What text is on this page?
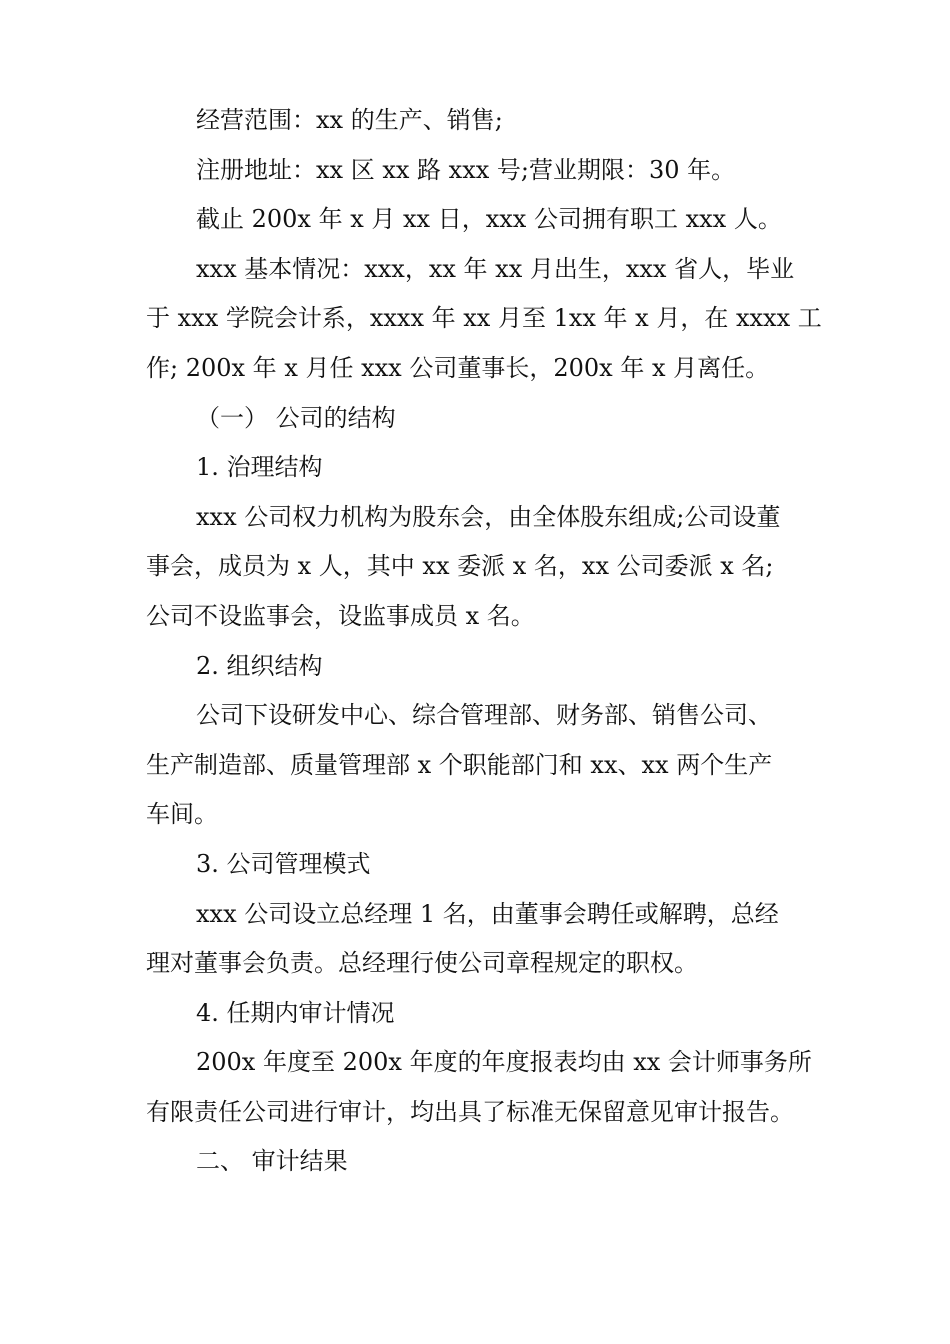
经营范围：xx 的生产、销售;

注册地址：xx 区 xx 路 xxx 号;营业期限：30 年。

截止 200x 年 x 月 xx 日，xxx 公司拥有职工 xxx 人。

xxx 基本情况：xxx，xx 年 xx 月出生，xxx 省人，毕业

于 xxx 学院会计系，xxxx 年 xx 月至 1xx 年 x 月，在 xxxx 工

作; 200x 年 x 月任 xxx 公司董事长，200x 年 x 月离任。

（一） 公司的结构

1. 治理结构

xxx 公司权力机构为股东会，由全体股东组成;公司设董

事会，成员为 x 人，其中 xx 委派 x 名，xx 公司委派 x 名;

公司不设监事会，设监事成员 x 名。

2. 组织结构

公司下设研发中心、综合管理部、财务部、销售公司、

生产制造部、质量管理部 x 个职能部门和 xx、xx 两个生产

车间。

3. 公司管理模式

xxx 公司设立总经理 1 名，由董事会聘任或解聘，总经

理对董事会负责。总经理行使公司章程规定的职权。

4. 任期内审计情况

200x 年度至 200x 年度的年度报表均由 xx 会计师事务所

有限责任公司进行审计，均出具了标准无保留意见审计报告。

二、 审计结果
